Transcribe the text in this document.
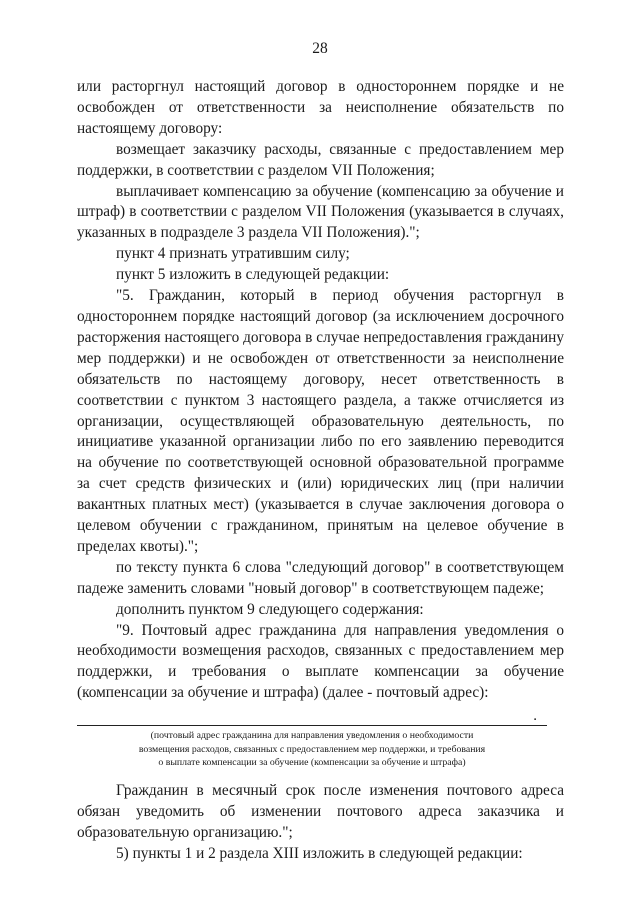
28

или расторгнул настоящий договор в одностороннем порядке и не освобожден от ответственности за неисполнение обязательств по настоящему договору:

возмещает заказчику расходы, связанные с предоставлением мер поддержки, в соответствии с разделом VII Положения;

выплачивает компенсацию за обучение (компенсацию за обучение и штраф) в соответствии с разделом VII Положения (указывается в случаях, указанных в подразделе 3 раздела VII Положения).";

пункт 4 признать утратившим силу;

пункт 5 изложить в следующей редакции:

"5. Гражданин, который в период обучения расторгнул в одностороннем порядке настоящий договор (за исключением досрочного расторжения настоящего договора в случае непредоставления гражданину мер поддержки) и не освобожден от ответственности за неисполнение обязательств по настоящему договору, несет ответственность в соответствии с пунктом 3 настоящего раздела, а также отчисляется из организации, осуществляющей образовательную деятельность, по инициативе указанной организации либо по его заявлению переводится на обучение по соответствующей основной образовательной программе за счет средств физических и (или) юридических лиц (при наличии вакантных платных мест) (указывается в случае заключения договора о целевом обучении с гражданином, принятым на целевое обучение в пределах квоты).";

по тексту пункта 6 слова "следующий договор" в соответствующем падеже заменить словами "новый договор" в соответствующем падеже;

дополнить пунктом 9 следующего содержания:

"9. Почтовый адрес гражданина для направления уведомления о необходимости возмещения расходов, связанных с предоставлением мер поддержки, и требования о выплате компенсации за обучение (компенсации за обучение и штрафа) (далее - почтовый адрес):

.
(почтовый адрес гражданина для направления уведомления о необходимости
возмещения расходов, связанных с предоставлением мер поддержки, и требования
о выплате компенсации за обучение (компенсации за обучение и штрафа)

Гражданин в месячный срок после изменения почтового адреса обязан уведомить об изменении почтового адреса заказчика и образовательную организацию.";

5) пункты 1 и 2 раздела XIII изложить в следующей редакции:
